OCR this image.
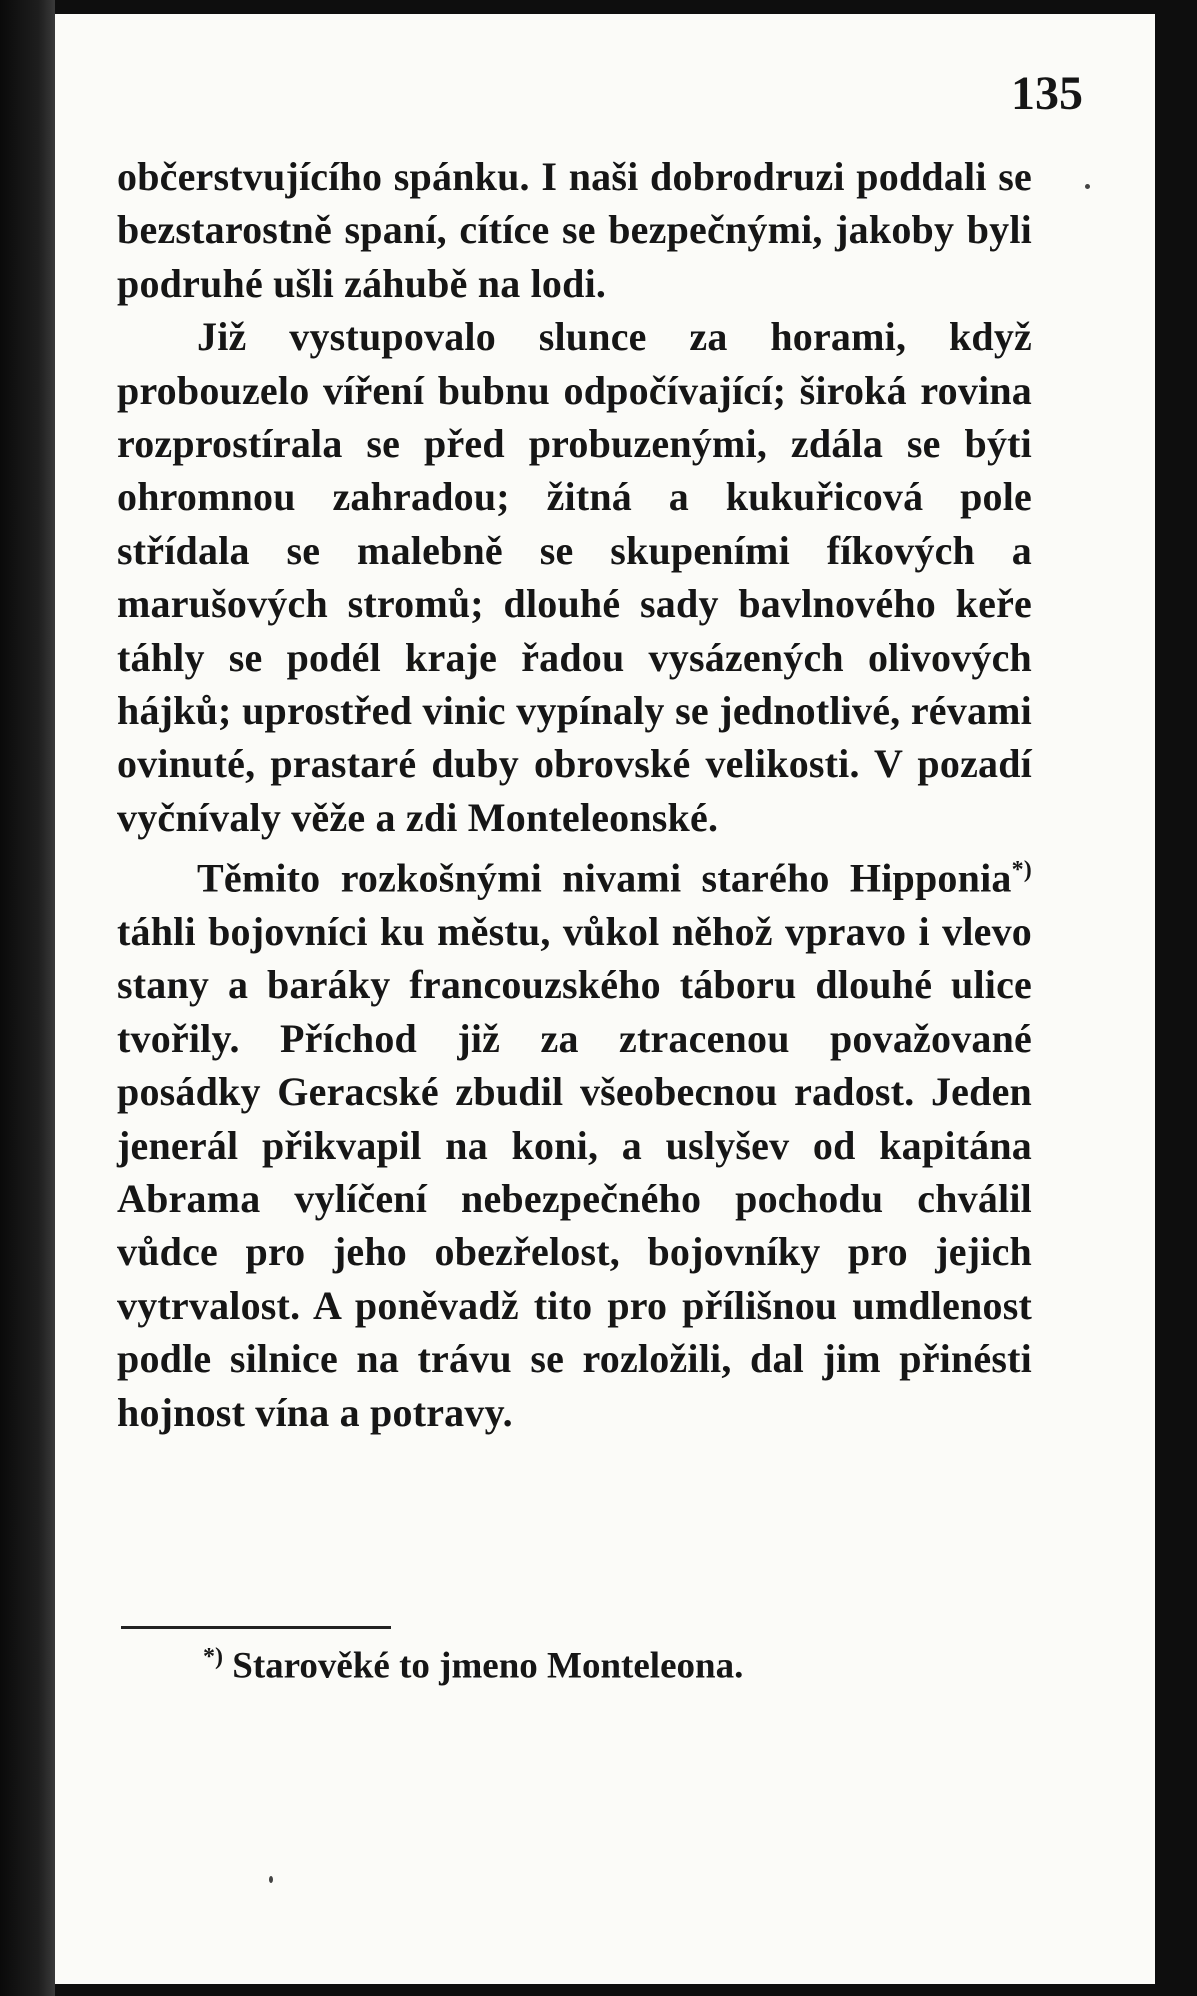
135

občerstvujícího spánku. I naši dobrodruzi poddali se bezstarostně spaní, cítíce se bezpečnými, jakoby byli podruhé ušli záhubě na lodi.

Již vystupovalo slunce za horami, když probouzelo víření bubnu odpočívající; široká rovina rozprostírala se před probuzenými, zdála se býti ohromnou zahradou; žitná a kukuřicová pole střídala se malebně se skupeními fíkových a marušových stromů; dlouhé sady bavlnového keře táhly se podél kraje řadou vysázených olivových hájků; uprostřed vinic vypínaly se jednotlivé, révami ovinuté, prastaré duby obrovské velikosti. V pozadí vyčnívaly věže a zdi Monteleonské.

Těmito rozkošnými nivami starého Hipponia*) táhli bojovníci ku městu, vůkol něhož vpravo i vlevo stany a baráky francouzského táboru dlouhé ulice tvořily. Příchod již za ztracenou považované posádky Geracské zbudil všeobecnou radost. Jeden jenerál přikvapil na koni, a uslyšev od kapitána Abrama vylíčení nebezpečného pochodu chválil vůdce pro jeho obezřelost, bojovníky pro jejich vytrvalost. A poněvadž tito pro přílišnou umdlenost podle silnice na trávu se rozložili, dal jim přinésti hojnost vína a potravy.

*) Starověké to jmeno Monteleona.
